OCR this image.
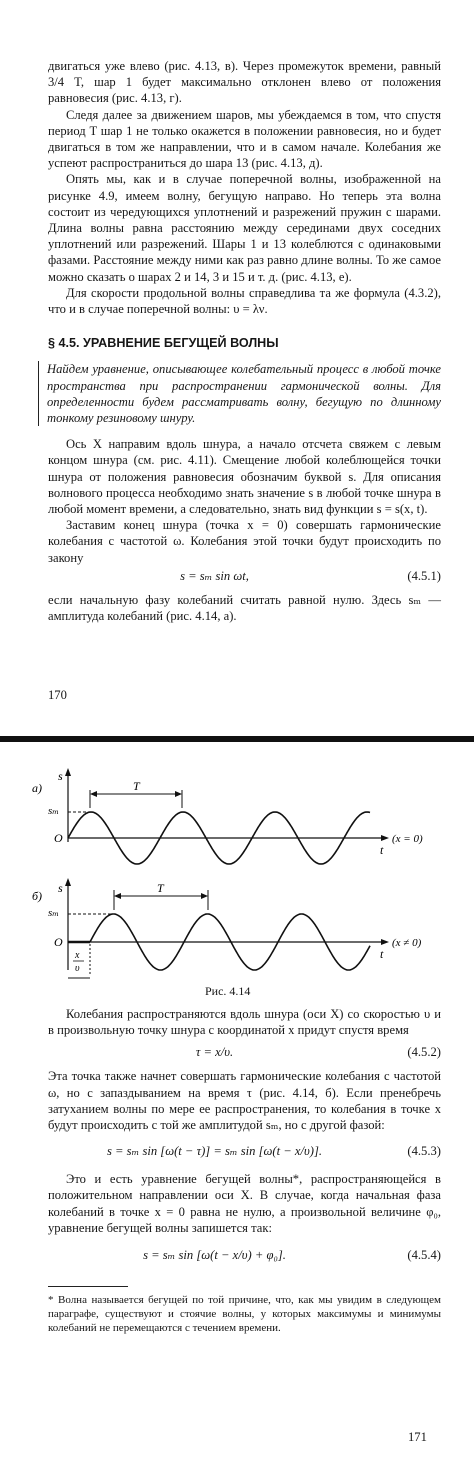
двигаться уже влево (рис. 4.13, в). Через промежуток времени, равный 3/4 T, шар 1 будет максимально отклонен влево от положения равновесия (рис. 4.13, г).

Следя далее за движением шаров, мы убеждаемся в том, что спустя период T шар 1 не только окажется в положении равновесия, но и будет двигаться в том же направлении, что и в самом начале. Колебания же успеют распространиться до шара 13 (рис. 4.13, д).

Опять мы, как и в случае поперечной волны, изображенной на рисунке 4.9, имеем волну, бегущую направо. Но теперь эта волна состоит из чередующихся уплотнений и разрежений пружин с шарами. Длина волны равна расстоянию между серединами двух соседних уплотнений или разрежений. Шары 1 и 13 колеблются с одинаковыми фазами. Расстояние между ними как раз равно длине волны. То же самое можно сказать о шарах 2 и 14, 3 и 15 и т. д. (рис. 4.13, е).

Для скорости продольной волны справедлива та же формула (4.3.2), что и в случае поперечной волны: υ = λν.

§ 4.5. УРАВНЕНИЕ БЕГУЩЕЙ ВОЛНЫ

Найдем уравнение, описывающее колебательный процесс в любой точке пространства при распространении гармонической волны. Для определенности будем рассматривать волну, бегущую по длинному тонкому резиновому шнуру.

Ось X направим вдоль шнура, а начало отсчета свяжем с левым концом шнура (см. рис. 4.11). Смещение любой колеблющейся точки шнура от положения равновесия обозначим буквой s. Для описания волнового процесса необходимо знать значение s в любой точке шнура в любой момент времени, а следовательно, знать вид функции s = s(x, t).

Заставим конец шнура (точка x = 0) совершать гармонические колебания с частотой ω. Колебания этой точки будут происходить по закону

s = sₘ sin ωt,	(4.5.1)

если начальную фазу колебаний считать равной нулю. Здесь sₘ — амплитуда колебаний (рис. 4.14, а).

170
а)
s
t
O
sₘ
T
(x = 0)
б)
s
t
O
sₘ
T
x
υ
(x ≠ 0)
Рис. 4.14

Колебания распространяются вдоль шнура (оси X) со скоростью υ и в произвольную точку шнура с координатой x придут спустя время

τ = x/υ.	(4.5.2)

Эта точка также начнет совершать гармонические колебания с частотой ω, но с запаздыванием на время τ (рис. 4.14, б). Если пренебречь затуханием волны по мере ее распространения, то колебания в точке x будут происходить с той же амплитудой sₘ, но с другой фазой:

s = sₘ sin [ω(t − τ)] = sₘ sin [ω(t − x/υ)].	(4.5.3)

Это и есть уравнение бегущей волны*, распространяющейся в положительном направлении оси X. В случае, когда начальная фаза колебаний в точке x = 0 равна не нулю, а произвольной величине φ₀, уравнение бегущей волны запишется так:

s = sₘ sin [ω(t − x/υ) + φ₀].	(4.5.4)

* Волна называется бегущей по той причине, что, как мы увидим в следующем параграфе, существуют и стоячие волны, у которых максимумы и минимумы колебаний не перемещаются с течением времени.

171
